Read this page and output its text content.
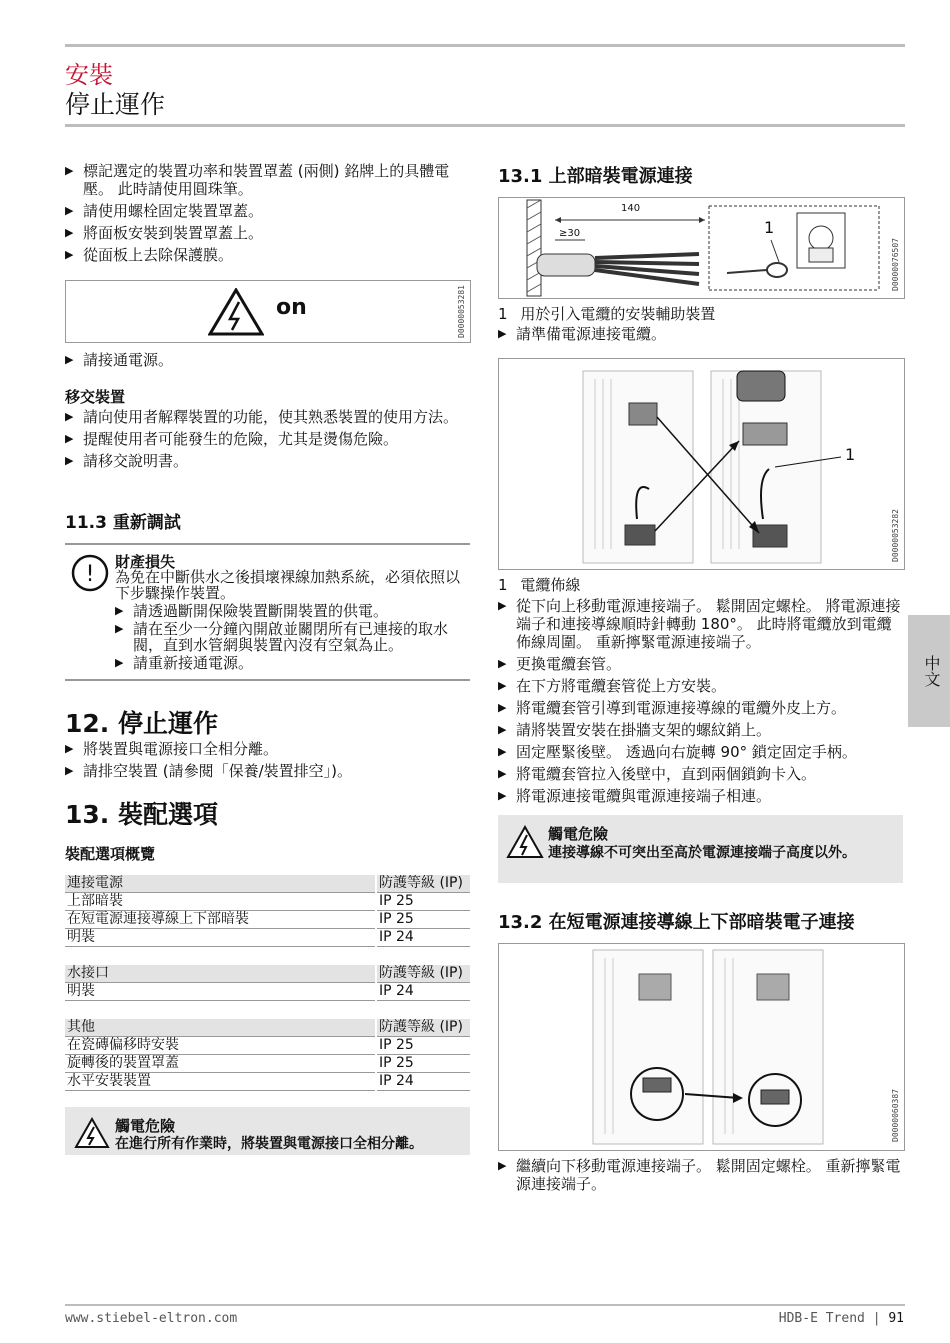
安裝
停止運作
▶ 標記選定的裝置功率和裝置罩蓋 (兩側) 銘牌上的具體電壓。 此時請使用圓珠筆。
▶ 請使用螺栓固定裝置罩蓋。
▶ 將面板安裝到裝置罩蓋上。
▶ 從面板上去除保護膜。
on	D0000053281
▶ 請接通電源。
移交裝置
▶ 請向使用者解釋裝置的功能，使其熟悉裝置的使用方法。
▶ 提醒使用者可能發生的危險，尤其是燙傷危險。
▶ 請移交說明書。
11.3 重新調試
! 財產損失
為免在中斷供水之後損壞裸線加熱系統，必須依照以下步驟操作裝置。
▶ 請透過斷開保險裝置斷開裝置的供電。
▶ 請在至少一分鐘內開啟並關閉所有已連接的取水閥，直到水管網與裝置內沒有空氣為止。
▶ 請重新接通電源。
12. 停止運作
▶ 將裝置與電源接口全相分離。
▶ 請排空裝置 (請參閱「保養/裝置排空」)。
13. 裝配選項
裝配選項概覽
連接電源	防護等級 (IP)
上部暗裝	IP 25
在短電源連接導線上下部暗裝	IP 25
明裝	IP 24
水接口	防護等級 (IP)
明裝	IP 24
其他	防護等級 (IP)
在瓷磚偏移時安裝	IP 25
旋轉後的裝置罩蓋	IP 25
水平安裝裝置	IP 24
觸電危險
在進行所有作業時，將裝置與電源接口全相分離。
13.1 上部暗裝電源連接
140
≥30	1
D0000076507
1 用於引入電纜的安裝輔助裝置
▶ 請準備電源連接電纜。
1
D0000053282
1 電纜佈線
▶ 從下向上移動電源連接端子。 鬆開固定螺栓。 將電源連接端子和連接導線順時針轉動 180°。 此時將電纜放到電纜佈線周圍。 重新擰緊電源連接端子。
▶ 更換電纜套管。
▶ 在下方將電纜套管從上方安裝。
▶ 將電纜套管引導到電源連接導線的電纜外皮上方。
▶ 請將裝置安裝在掛牆支架的螺紋銷上。
▶ 固定壓緊後壁。 透過向右旋轉 90° 鎖定固定手柄。
▶ 將電纜套管拉入後壁中，直到兩個鎖鉤卡入。
▶ 將電源連接電纜與電源連接端子相連。
觸電危險
連接導線不可突出至高於電源連接端子高度以外。
13.2 在短電源連接導線上下部暗裝電子連接
D0000060387
▶ 繼續向下移動電源連接端子。 鬆開固定螺栓。 重新擰緊電源連接端子。
中文
www.stiebel-eltron.com	HDB-E Trend | 91
